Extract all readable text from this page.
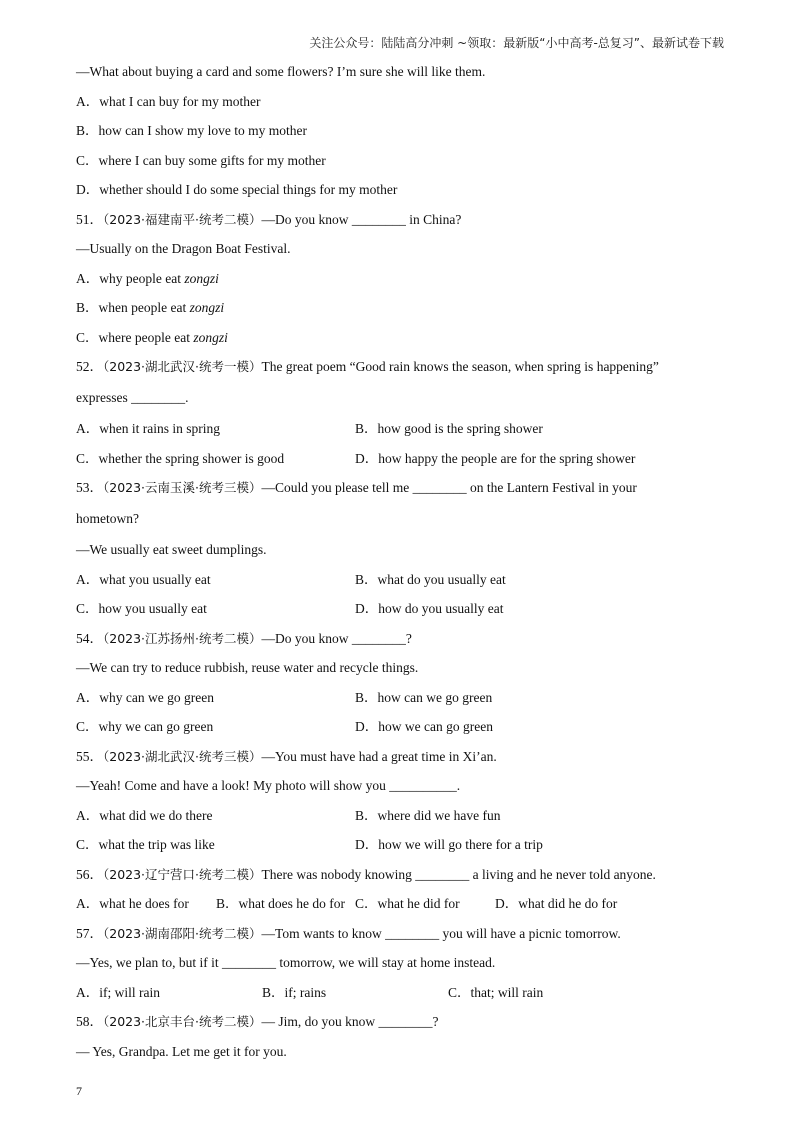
关注公众号：陆陆高分冲刺 ~领取：最新版“小中高考-总复习”、最新试卷下载
—What about buying a card and some flowers? I’m sure she will like them.
A．what I can buy for my mother
B．how can I show my love to my mother
C．where I can buy some gifts for my mother
D．whether should I do some special things for my mother
51．（2023·福建南平·统考二模）—Do you know ________ in China?
—Usually on the Dragon Boat Festival.
A．why people eat zongzi
B．when people eat zongzi
C．where people eat zongzi
52．（2023·湖北武汉·统考一模）The great poem “Good rain knows the season, when spring is happening”
expresses ________.
A．when it rains in spring	B．how good is the spring shower
C．whether the spring shower is good	D．how happy the people are for the spring shower
53．（2023·云南玉溪·统考三模）—Could you please tell me ________ on the Lantern Festival in your
hometown?
—We usually eat sweet dumplings.
A．what you usually eat	B．what do you usually eat
C．how you usually eat	D．how do you usually eat
54．（2023·江苏扬州·统考二模）—Do you know ________?
—We can try to reduce rubbish, reuse water and recycle things.
A．why can we go green	B．how can we go green
C．why we can go green	D．how we can go green
55．（2023·湖北武汉·统考三模）—You must have had a great time in Xi’an.
—Yeah! Come and have a look! My photo will show you __________.
A．what did we do there	B．where did we have fun
C．what the trip was like	D．how we will go there for a trip
56．（2023·辽宁营口·统考二模）There was nobody knowing ________ a living and he never told anyone.
A．what he does for B．what does he do for C．what he did for	D．what did he do for
57．（2023·湖南邵阳·统考二模）—Tom wants to know ________ you will have a picnic tomorrow.
—Yes, we plan to, but if it ________ tomorrow, we will stay at home instead.
A．if; will rain	B．if; rains	C．that; will rain
58．（2023·北京丰台·统考二模）— Jim, do you know ________?
— Yes, Grandpa. Let me get it for you.
7
